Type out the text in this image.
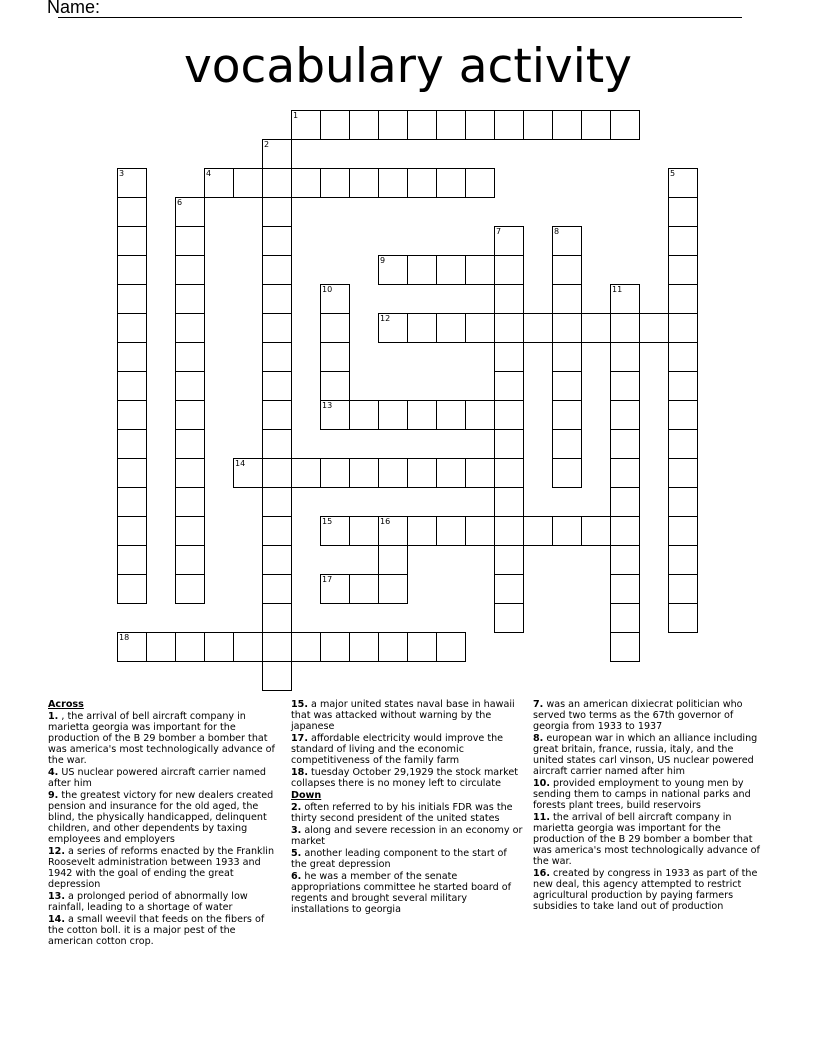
Name:
vocabulary activity
1
2
3	4	5
6
7	8
9
10	11
12
13
14
15	16
17
18
Across
1. , the arrival of bell aircraft company in marietta georgia was important for the production of the B 29 bomber a bomber that was america's most technologically advance of the war.
4. US nuclear powered aircraft carrier named after him
9. the greatest victory for new dealers created pension and insurance for the old aged, the blind, the physically handicapped, delinquent children, and other dependents by taxing employees and employers
12. a series of reforms enacted by the Franklin Roosevelt administration between 1933 and 1942 with the goal of ending the great depression
13. a prolonged period of abnormally low rainfall, leading to a shortage of water
14. a small weevil that feeds on the fibers of the cotton boll. it is a major pest of the american cotton crop.
15. a major united states naval base in hawaii that was attacked without warning by the japanese
17. affordable electricity would improve the standard of living and the economic competitiveness of the family farm
18. tuesday October 29,1929 the stock market collapses there is no money left to circulate
Down
2. often referred to by his initials FDR was the thirty second president of the united states
3. along and severe recession in an economy or market
5. another leading component to the start of the great depression
6. he was a member of the senate appropriations committee he started board of regents and brought several military installations to georgia
7. was an american dixiecrat politician who served two terms as the 67th governor of georgia from 1933 to 1937
8. european war in which an alliance including great britain, france, russia, italy, and the united states carl vinson, US nuclear powered aircraft carrier named after him
10. provided employment to young men by sending them to camps in national parks and forests plant trees, build reservoirs
11. the arrival of bell aircraft company in marietta georgia was important for the production of the B 29 bomber a bomber that was america's most technologically advance of the war.
16. created by congress in 1933 as part of the new deal, this agency attempted to restrict agricultural production by paying farmers subsidies to take land out of production
